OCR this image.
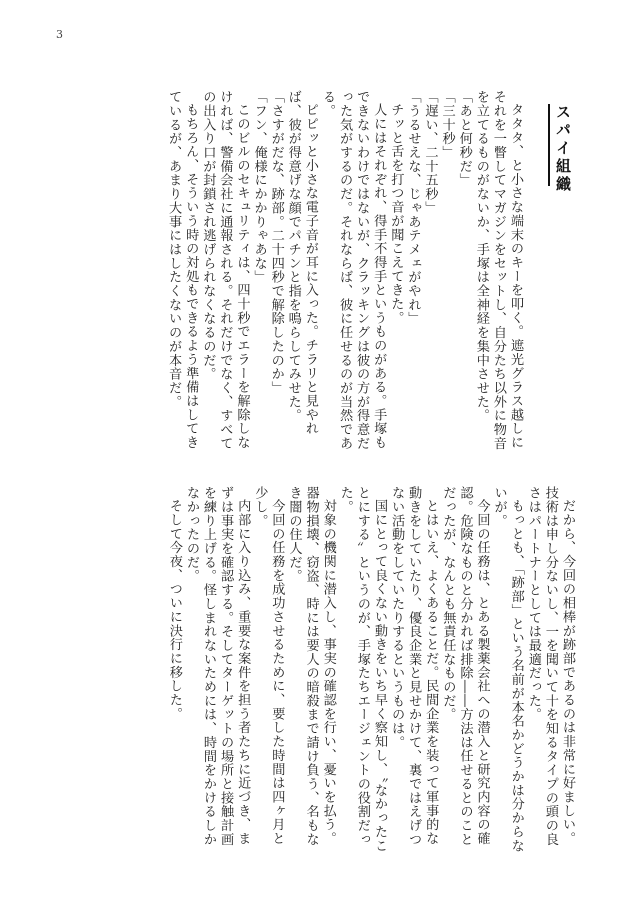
3
スパイ組織

タタタ、と小さな端末のキーを叩く。遮光グラス越しにそれを一瞥してマガジンをセットし、自分たち以外に物音を立てるものがないか、手塚は全神経を集中させた。

「あと何秒だ」

「三十秒」

「遅い、二十五秒」

「うるせえな、じゃあテメェがやれ」

チッと舌を打つ音が聞こえてきた。

人にはそれぞれ、得手不得手というものがある。手塚もできないわけではないが、クラッキングは彼の方が得意だった気がするのだ。それならば、彼に任せるのが当然である。

ピピッと小さな電子音が耳に入った。チラリと見やれば、彼が得意げな顔でパチンと指を鳴らしてみせた。

「さすがだな、跡部。二十四秒で解除したのか」

「フン、俺様にかかりゃあな」

このビルのセキュリティは、四十秒でエラーを解除しなければ、警備会社に通報される。それだけでなく、すべての出入り口が封鎖され逃げられなくなるのだ。

もちろん、そういう時の対処もできるよう準備はしてきているが、あまり大事にはしたくないのが本音だ。

だから、今回の相棒が跡部であるのは非常に好ましい。技術は申し分ないし、一を聞いて十を知るタイプの頭の良さはパートナーとしては最適だった。

もっとも、「跡部」という名前が本名かどうかは分からないが。

今回の任務は、とある製薬会社への潜入と研究内容の確認。危険なものと分かれば排除――方法は任せるとのことだったが、なんとも無責任なものだ。

とはいえ、よくあることだ。民間企業を装って軍事的な動きをしていたり、優良企業と見せかけて、裏ではえげつない活動をしていたりするというものは。

国にとって良くない動きをいち早く察知し、〝なかったことにする〟というのが、手塚たちエージェントの役割だった。

対象の機関に潜入し、事実の確認を行い、憂いを払う。器物損壊、窃盗、時には要人の暗殺まで請け負う、名もなき闇の住人だ。

今回の任務を成功させるために、要した時間は四ヶ月と少し。

内部に入り込み、重要な案件を担う者たちに近づき、まずは事実を確認する。そしてターゲットの場所と接触計画を練り上げる。怪しまれないためには、時間をかけるしかなかったのだ。

そして今夜、ついに決行に移した。
